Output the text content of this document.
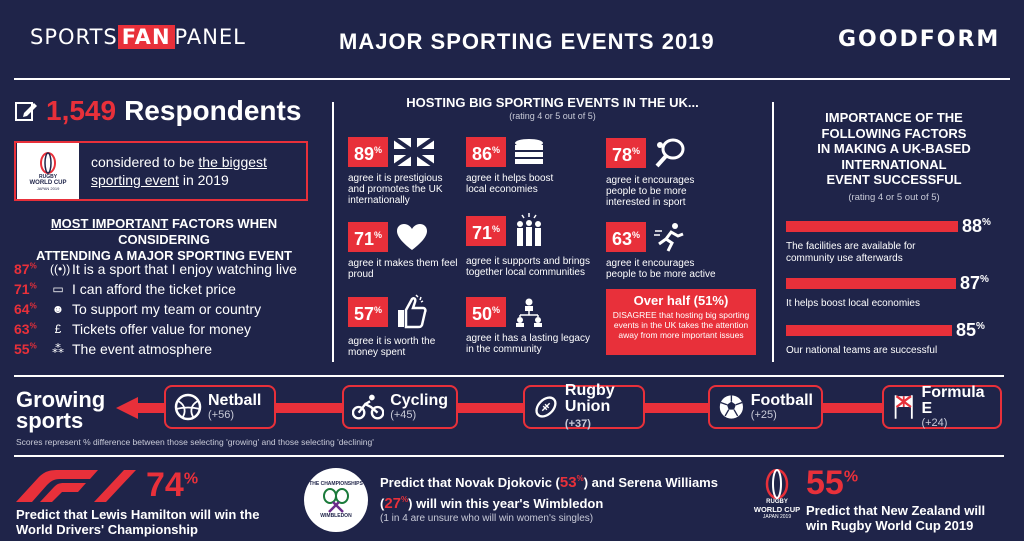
SPORTS FAN PANEL	MAJOR SPORTING EVENTS 2019	GOODFORM
1,549 Respondents
RUGBY
WORLD CUP
JAPAN 2019
considered to be the biggest sporting event in 2019
MOST IMPORTANT FACTORS WHEN CONSIDERING
ATTENDING A MAJOR SPORTING EVENT
87%	((•)) It is a sport that I enjoy watching live
71%	▭ I can afford the ticket price
64%	☻ To support my team or country
63%	£ Tickets offer value for money
55%	⁂ The event atmosphere
HOSTING BIG SPORTING EVENTS IN THE UK...
(rating 4 or 5 out of 5)
89%
agree it is prestigious and promotes the UK internationally
86%
agree it helps boost local economies
78%
agree it encourages people to be more interested in sport
71%
agree it makes them feel proud
71%
agree it supports and brings together local communities
63%
agree it encourages people to be more active
57%
agree it is worth the money spent
50%
agree it has a lasting legacy in the community
Over half (51%)
DISAGREE that hosting big sporting events in the UK takes the attention away from more important issues
IMPORTANCE OF THE
FOLLOWING FACTORS
IN MAKING A UK-BASED
INTERNATIONAL
EVENT SUCCESSFUL
(rating 4 or 5 out of 5)
88%
The facilities are available for community use afterwards
87%
It helps boost local economies
85%
Our national teams are successful
Growing
sports
Netball
(+56)
Cycling
(+45)
Rugby
Union (+37)
Football
(+25)
Formula E
(+24)
Scores represent % difference between those selecting 'growing' and those selecting 'declining'
74%
Predict that Lewis Hamilton will win the World Drivers' Championship
THE CHAMPIONSHIPS
WIMBLEDON
Predict that Novak Djokovic (53%) and Serena Williams (27%) will win this year's Wimbledon
(1 in 4 are unsure who will win women's singles)
RUGBY
WORLD CUP
JAPAN 2019
55%
Predict that New Zealand will win Rugby World Cup 2019
